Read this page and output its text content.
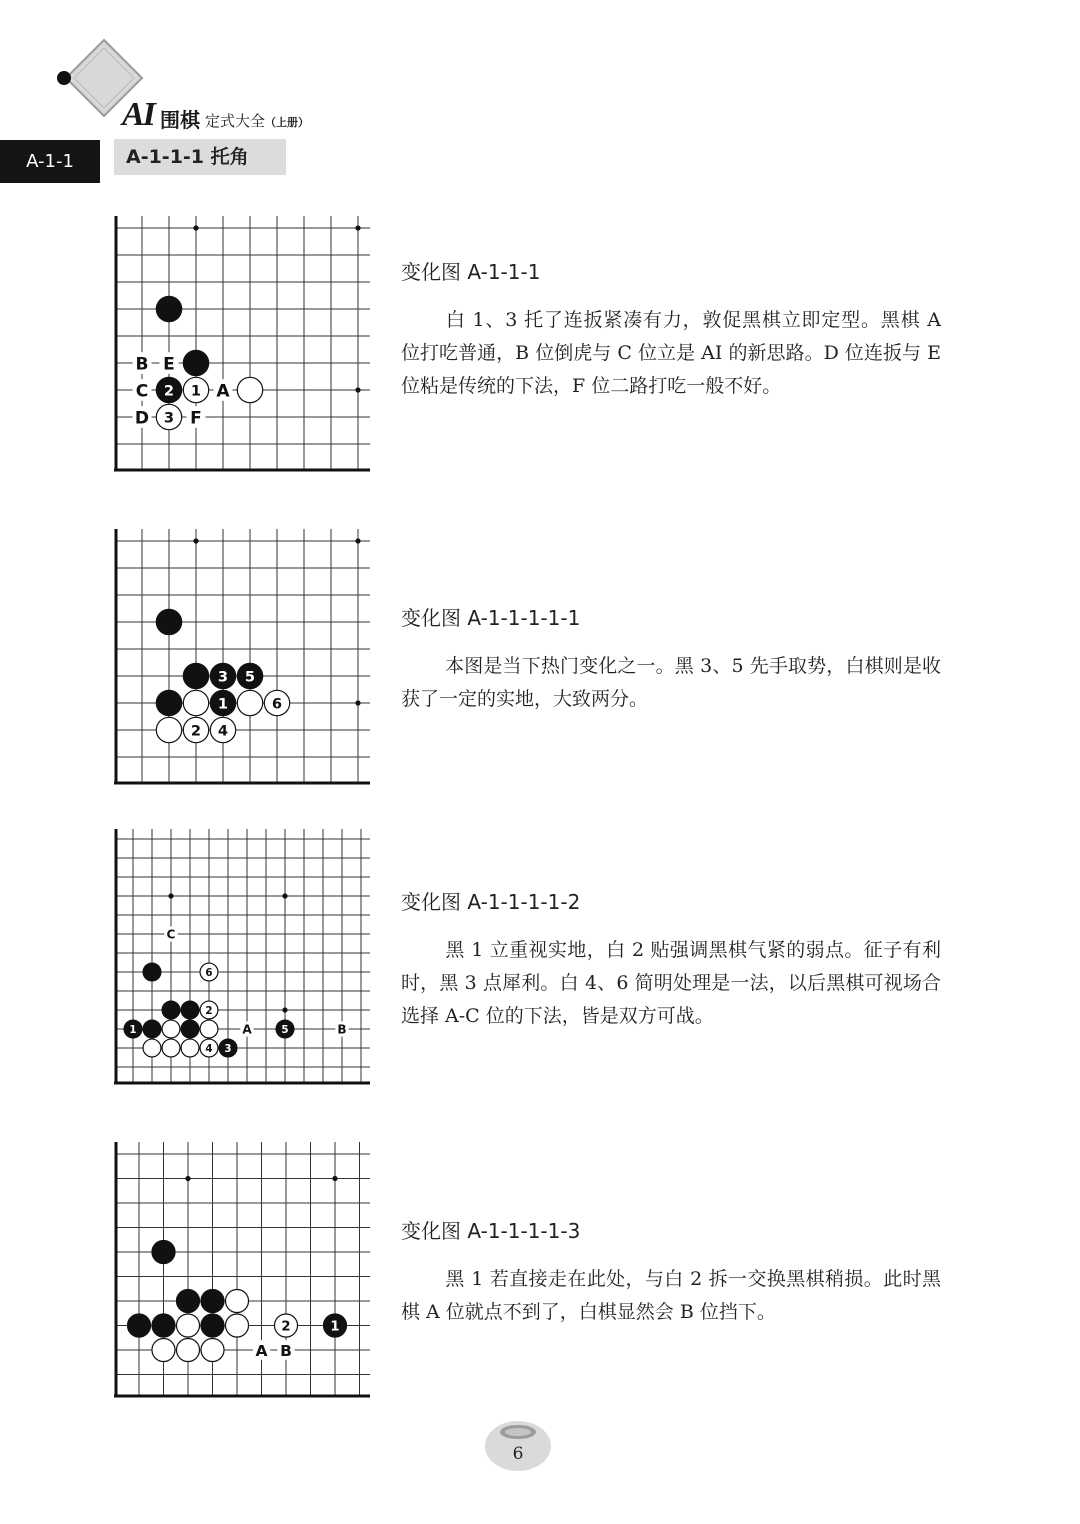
AI 围棋 定式大全（上册）
A-1-1	A-1-1-1 托角
2 1
3
B E
C	A
D F
变化图 A-1-1-1
白 1、3 托了连扳紧凑有力，敦促黑棋立即定型。黑棋 A 位打吃普通，B 位倒虎与 C 位立是 AI 的新思路。D 位连扳与 E 位粘是传统的下法，F 位二路打吃一般不好。
3 5
1	6
2 4
变化图 A-1-1-1-1-1
本图是当下热门变化之一。黑 3、5 先手取势，白棋则是收获了一定的实地，大致两分。
6
2
1	5
4 3
C
A	B
变化图 A-1-1-1-1-2
黑 1 立重视实地，白 2 贴强调黑棋气紧的弱点。征子有利时，黑 3 点犀利。白 4、6 简明处理是一法，以后黑棋可视场合选择 A-C 位的下法，皆是双方可战。
2	1
A B
变化图 A-1-1-1-1-3
黑 1 若直接走在此处，与白 2 拆一交换黑棋稍损。此时黑棋 A 位就点不到了，白棋显然会 B 位挡下。
6
